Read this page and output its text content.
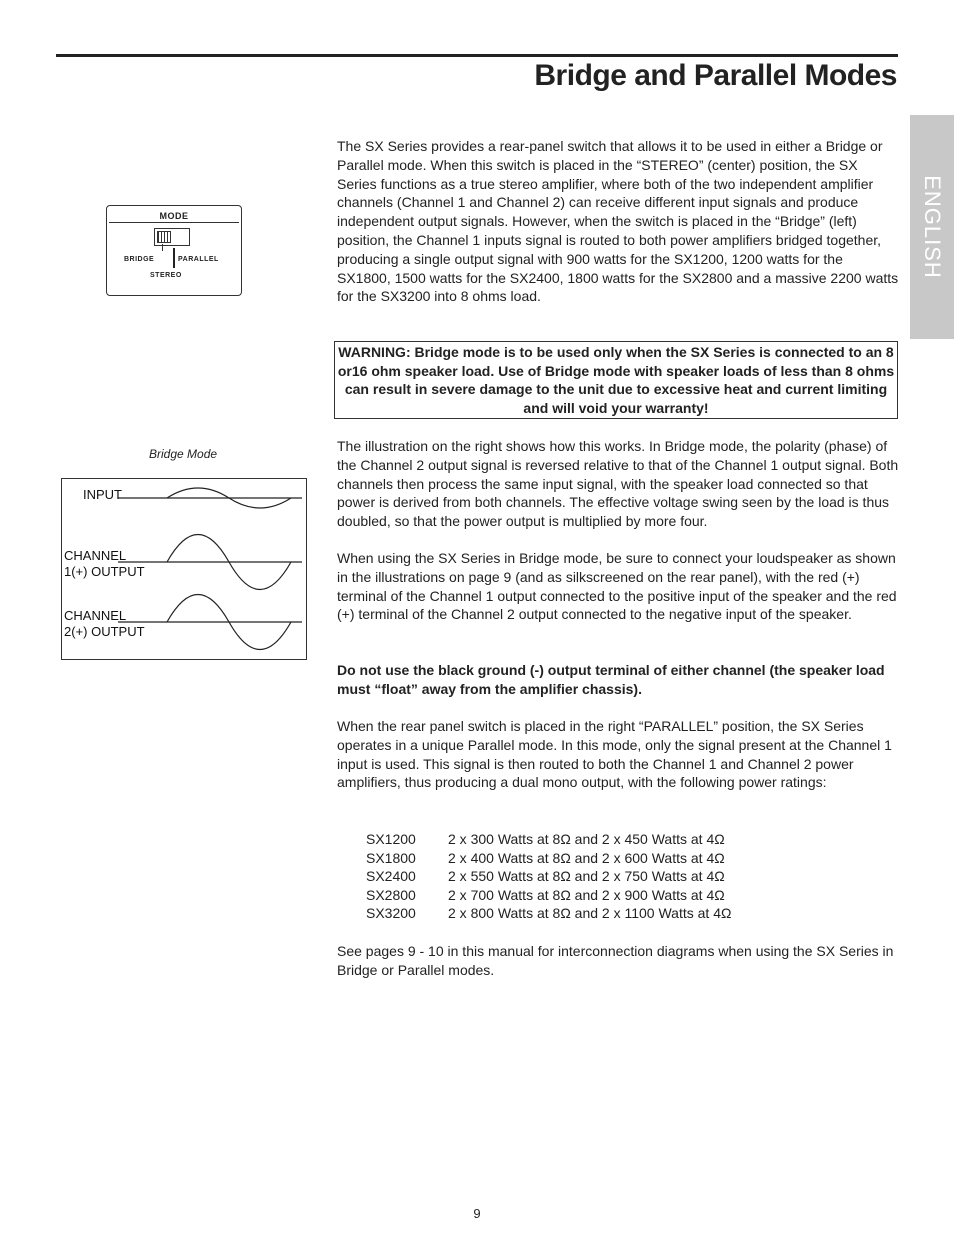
Bridge and Parallel Modes
ENGLISH
MODE
BRIDGE	PARALLEL
STEREO
Bridge Mode
INPUT
CHANNEL
1(+) OUTPUT
CHANNEL
2(+) OUTPUT

The SX Series provides a rear-panel switch that allows it to be used in either a Bridge or Parallel mode. When this switch is placed in the “STEREO” (center) position, the SX Series functions as a true stereo amplifier, where both of the two independent amplifier channels (Channel 1 and Channel 2) can receive different input signals and produce independent output signals. However, when the switch is placed in the “Bridge” (left) position, the Channel 1 inputs signal is routed to both power amplifiers bridged together, producing a single output signal with 900 watts for the SX1200, 1200 watts for the SX1800, 1500 watts for the SX2400, 1800 watts for the SX2800 and a massive 2200 watts for the SX3200 into 8 ohms load.

WARNING: Bridge mode is to be used only when the SX Series is connected to an 8 or16 ohm speaker load. Use of Bridge mode with speaker loads of less than 8 ohms can result in severe damage to the unit due to excessive heat and current limiting and will void your warranty!

The illustration on the right shows how this works. In Bridge mode, the polarity (phase) of the Channel 2 output signal is reversed relative to that of the Channel 1 output signal. Both channels then process the same input signal, with the speaker load connected so that power is derived from both channels. The effective voltage swing seen by the load is thus doubled, so that the power output is multiplied by more four.

When using the SX Series in Bridge mode, be sure to connect your loudspeaker as shown in the illustrations on page 9 (and as silkscreened on the rear panel), with the red (+) terminal of the Channel 1 output connected to the positive input of the speaker and the red (+) terminal of the Channel 2 output connected to the negative input of the speaker.

Do not use the black ground (-) output terminal of either channel (the speaker load must “float” away from the amplifier chassis).

When the rear panel switch is placed in the right “PARALLEL” position, the SX Series operates in a unique Parallel mode. In this mode, only the signal present at the Channel 1 input is used. This signal is then routed to both the Channel 1 and Channel 2 power amplifiers, thus producing a dual mono output, with the following power ratings:

SX1200	2 x 300 Watts at 8Ω and 2 x 450 Watts at 4Ω
SX1800	2 x 400 Watts at 8Ω and 2 x 600 Watts at 4Ω
SX2400	2 x 550 Watts at 8Ω and 2 x 750 Watts at 4Ω
SX2800	2 x 700 Watts at 8Ω and 2 x 900 Watts at 4Ω
SX3200	2 x 800 Watts at 8Ω and 2 x 1100 Watts at 4Ω

See pages 9 - 10 in this manual for interconnection diagrams when using the SX Series in Bridge or Parallel modes.

9
